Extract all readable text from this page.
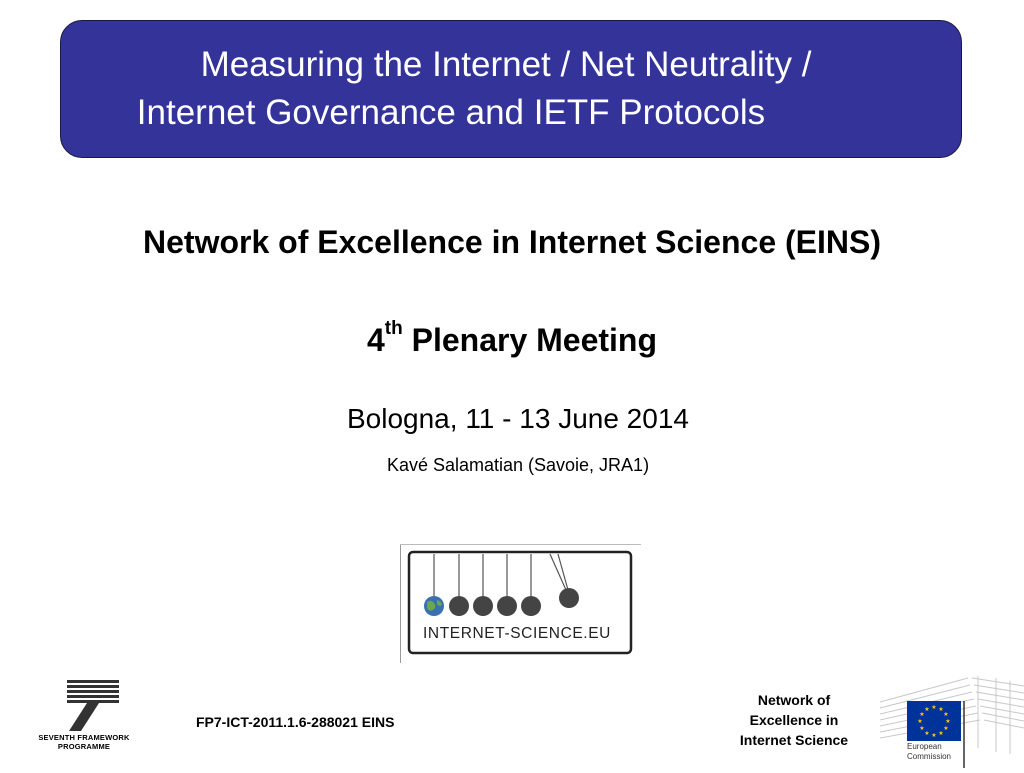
Measuring the Internet / Net Neutrality /
Internet Governance and IETF Protocols
Network of Excellence in Internet Science (EINS)
4th Plenary Meeting
Bologna, 11 - 13 June 2014
Kavé Salamatian (Savoie, JRA1)
INTERNET-SCIENCE.EU
SEVENTH FRAMEWORK
PROGRAMME
FP7-ICT-2011.1.6-288021 EINS
Network of
Excellence in
Internet Science
★ ★
★
★
★
★
★
★
★
★
★
★
European
Commission
